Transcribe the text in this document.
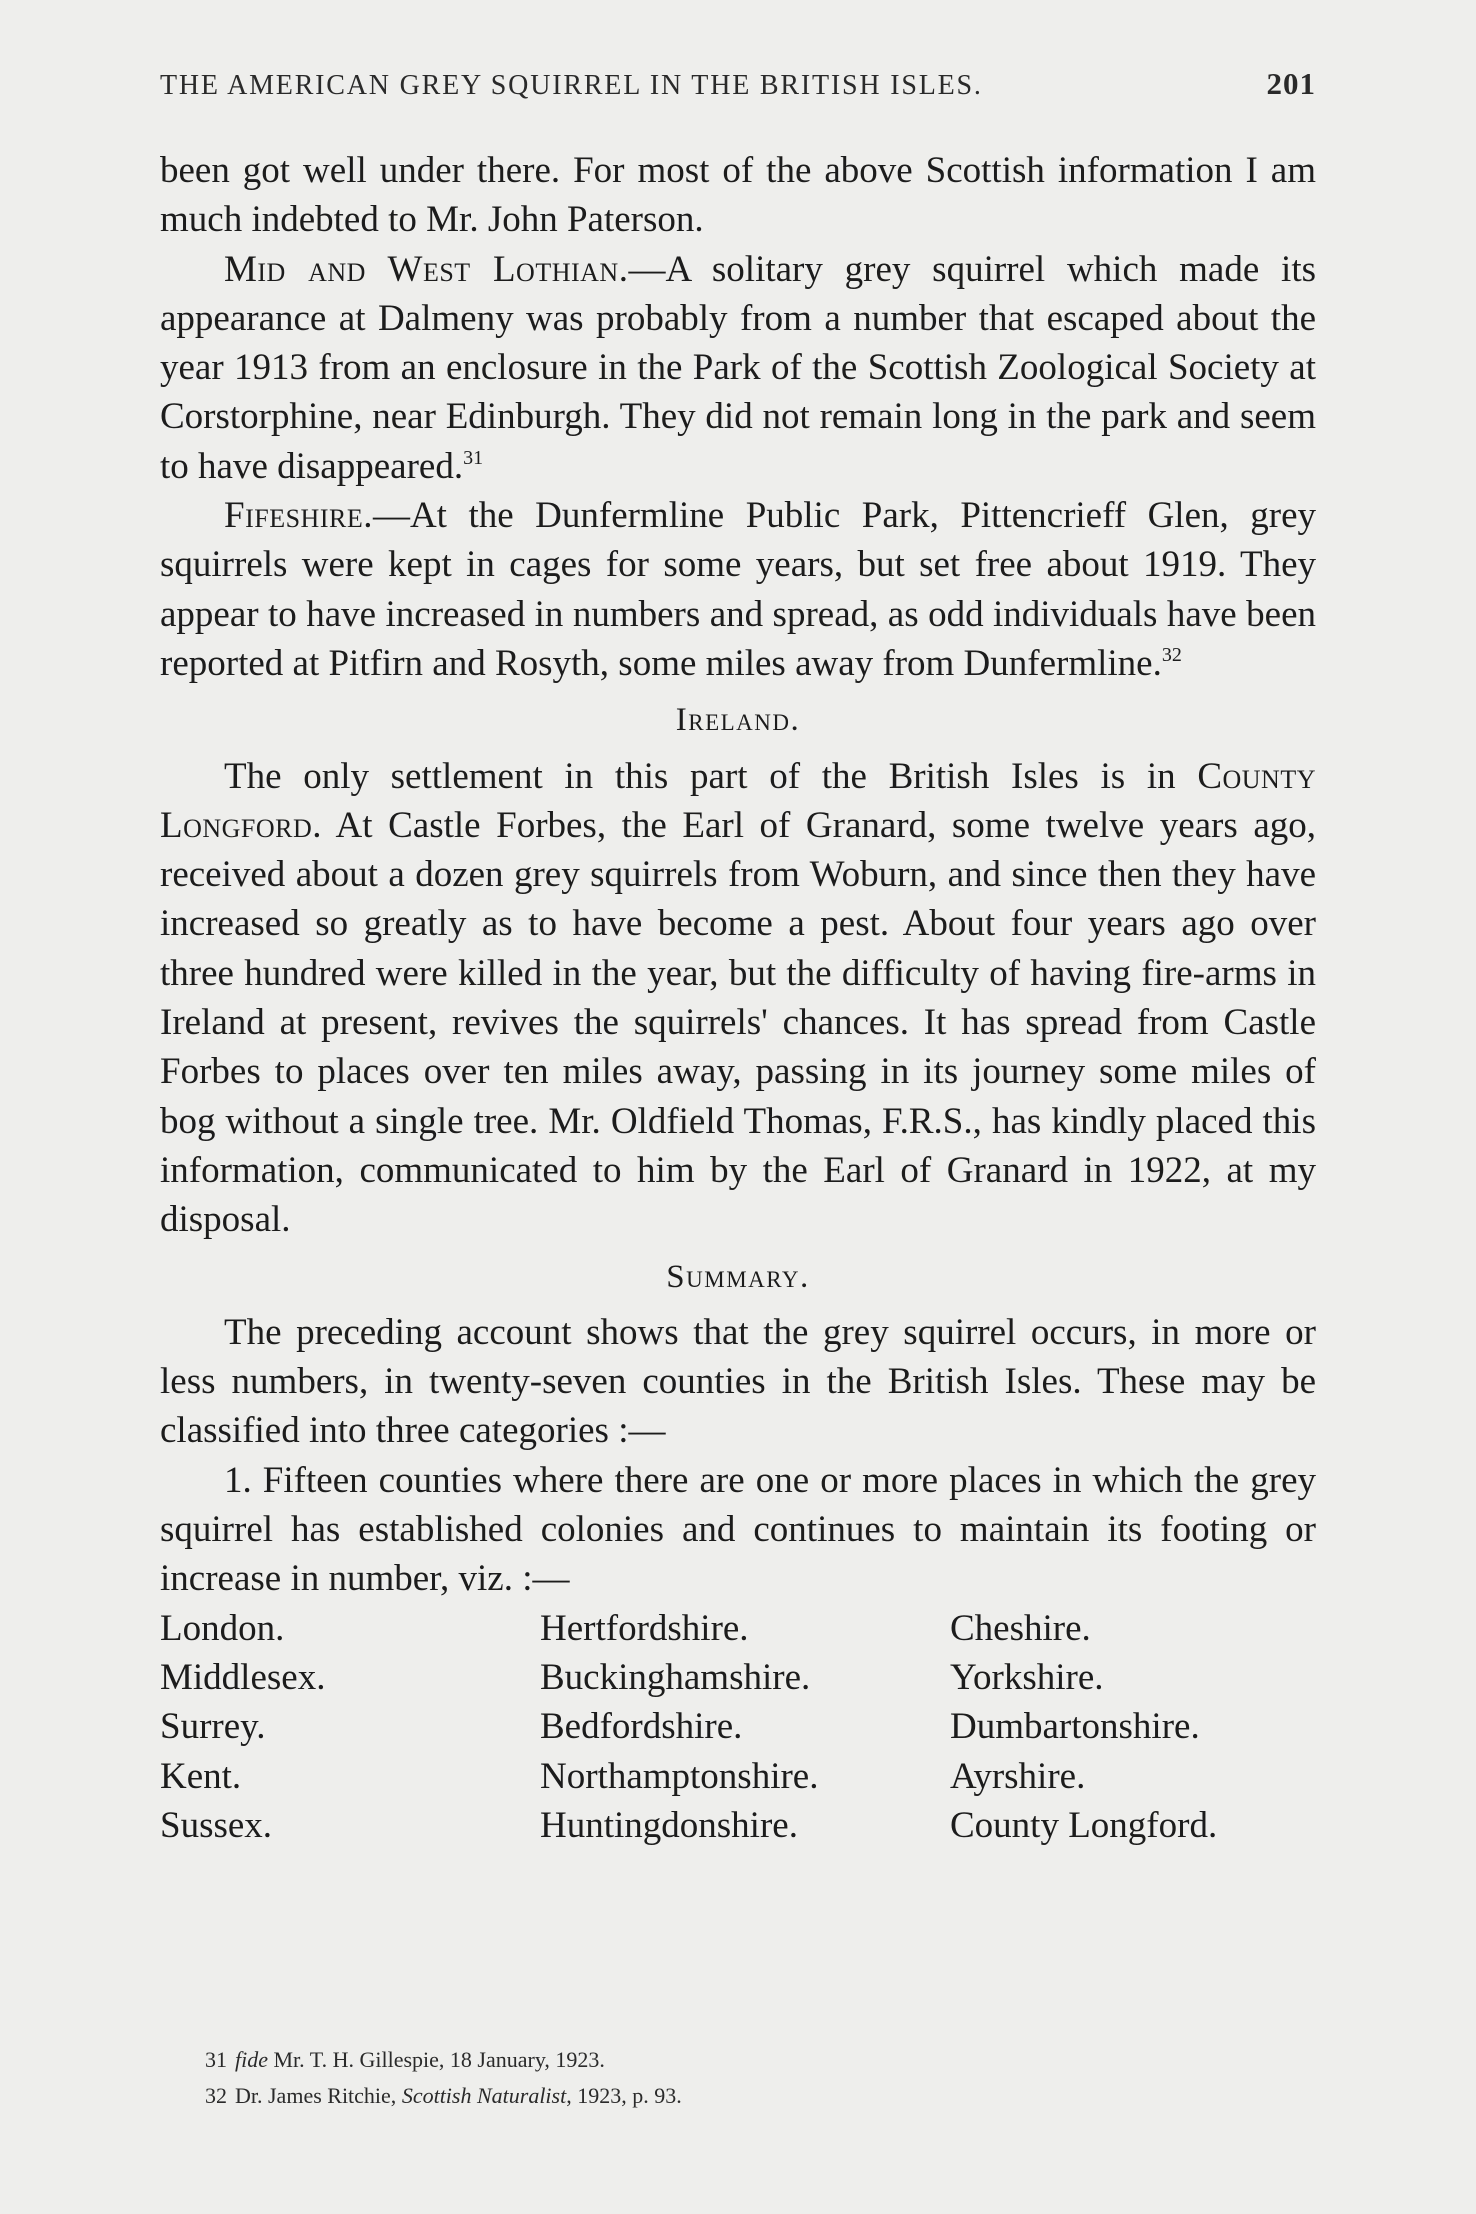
THE AMERICAN GREY SQUIRREL IN THE BRITISH ISLES.	201

been got well under there. For most of the above Scottish information I am much indebted to Mr. John Paterson.

Mid and West Lothian.—A solitary grey squirrel which made its appearance at Dalmeny was probably from a number that escaped about the year 1913 from an enclosure in the Park of the Scottish Zoological Society at Corstorphine, near Edinburgh. They did not remain long in the park and seem to have disappeared.$^{31}$

Fifeshire.—At the Dunfermline Public Park, Pittencrieff Glen, grey squirrels were kept in cages for some years, but set free about 1919. They appear to have increased in numbers and spread, as odd individuals have been reported at Pitfirn and Rosyth, some miles away from Dunfermline.$^{32}$

Ireland.

The only settlement in this part of the British Isles is in County Longford. At Castle Forbes, the Earl of Granard, some twelve years ago, received about a dozen grey squirrels from Woburn, and since then they have increased so greatly as to have become a pest. About four years ago over three hundred were killed in the year, but the difficulty of having fire-arms in Ireland at present, revives the squirrels' chances. It has spread from Castle Forbes to places over ten miles away, passing in its journey some miles of bog without a single tree. Mr. Oldfield Thomas, F.R.S., has kindly placed this information, communicated to him by the Earl of Granard in 1922, at my disposal.

Summary.

The preceding account shows that the grey squirrel occurs, in more or less numbers, in twenty-seven counties in the British Isles. These may be classified into three categories :—

1. Fifteen counties where there are one or more places in which the grey squirrel has established colonies and continues to maintain its footing or increase in number, viz. :—

London.	Hertfordshire.	Cheshire.
Middlesex.	Buckinghamshire.	Yorkshire.
Surrey.	Bedfordshire.	Dumbartonshire.
Kent.	Northamptonshire.	Ayrshire.
Sussex.	Huntingdonshire.	County Longford.
31 fide Mr. T. H. Gillespie, 18 January, 1923.
32 Dr. James Ritchie, Scottish Naturalist, 1923, p. 93.
